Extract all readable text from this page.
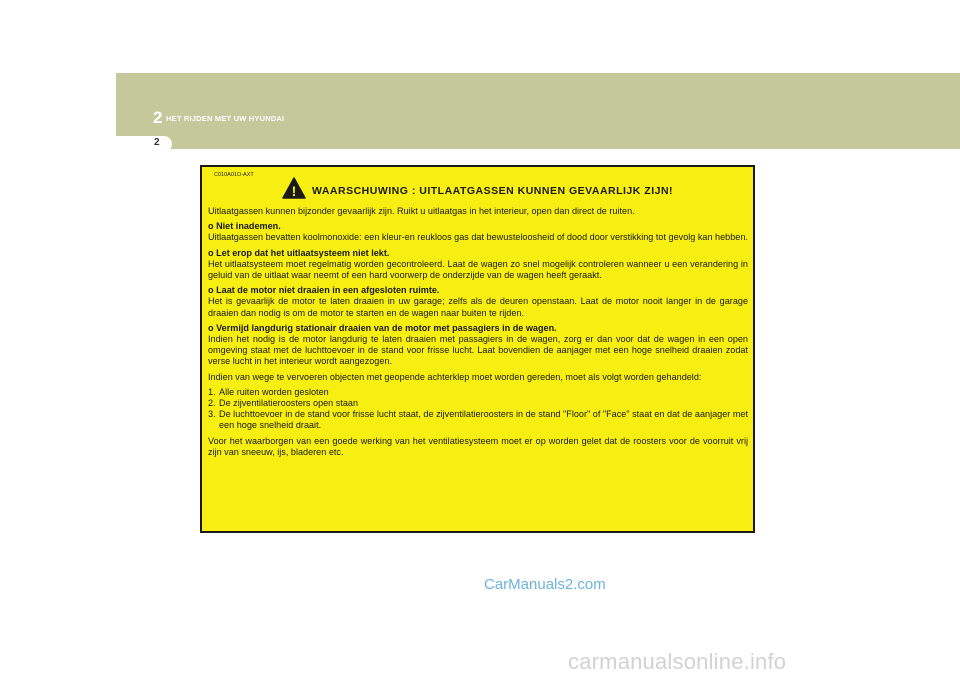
2 HET RIJDEN MET UW HYUNDAI
2
C010A01O-AXT
! WAARSCHUWING : UITLAATGASSEN KUNNEN GEVAARLIJK ZIJN!

Uitlaatgassen kunnen bijzonder gevaarlijk zijn. Ruikt u uitlaatgas in het interieur, open dan direct de ruiten.

o Niet inademen.
Uitlaatgassen bevatten koolmonoxide: een kleur-en reukloos gas dat bewusteloosheid of dood door verstikking tot gevolg kan hebben.

o Let erop dat het uitlaatsysteem niet lekt.
Het uitlaatsysteem moet regelmatig worden gecontroleerd. Laat de wagen zo snel mogelijk controleren wanneer u een verandering in geluid van de uitlaat waar neemt of een hard voorwerp de onderzijde van de wagen heeft geraakt.

o Laat de motor niet draaien in een afgesloten ruimte.
Het is gevaarlijk de motor te laten draaien in uw garage; zelfs als de deuren openstaan. Laat de motor nooit langer in de garage draaien dan nodig is om de motor te starten en de wagen naar buiten te rijden.

o Vermijd langdurig stationair draaien van de motor met passagiers in de wagen.
Indien het nodig is de motor langdurig te laten draaien met passagiers in de wagen, zorg er dan voor dat de wagen in een open omgeving staat met de luchttoevoer in de stand voor frisse lucht. Laat bovendien de aanjager met een hoge snelheid draaien zodat verse lucht in het interieur wordt aangezogen.

Indien van wege te vervoeren objecten met geopende achterklep moet worden gereden, moet als volgt worden gehandeld:

1. Alle ruiten worden gesloten
2. De zijventilatieroosters open staan
3. De luchttoevoer in de stand voor frisse lucht staat, de zijventilatieroosters in de stand "Floor" of "Face" staat en dat de aanjager met een hoge snelheid draait.

Voor het waarborgen van een goede werking van het ventilatiesysteem moet er op worden gelet dat de roosters voor de voorruit vrij zijn van sneeuw, ijs, bladeren etc.

CarManuals2.com
carmanualsonline.info
